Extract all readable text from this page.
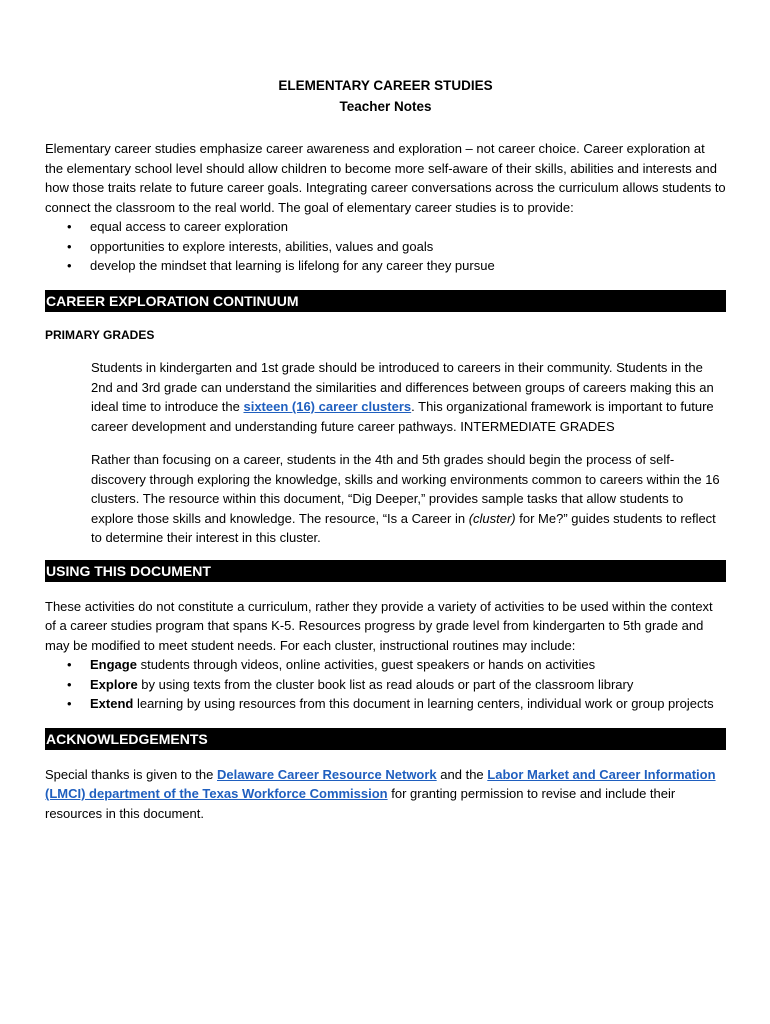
ELEMENTARY CAREER STUDIES
Teacher Notes

Elementary career studies emphasize career awareness and exploration – not career choice. Career exploration at the elementary school level should allow children to become more self-aware of their skills, abilities and interests and how those traits relate to future career goals. Integrating career conversations across the curriculum allows students to connect the classroom to the real world. The goal of elementary career studies is to provide:

• equal access to career exploration
• opportunities to explore interests, abilities, values and goals
• develop the mindset that learning is lifelong for any career they pursue
CAREER EXPLORATION CONTINUUM
PRIMARY GRADES

Students in kindergarten and 1st grade should be introduced to careers in their community. Students in the 2nd and 3rd grade can understand the similarities and differences between groups of careers making this an ideal time to introduce the sixteen (16) career clusters. This organizational framework is important to future career development and understanding future career pathways. INTERMEDIATE GRADES

Rather than focusing on a career, students in the 4th and 5th grades should begin the process of self-discovery through exploring the knowledge, skills and working environments common to careers within the 16 clusters. The resource within this document, “Dig Deeper,” provides sample tasks that allow students to explore those skills and knowledge. The resource, “Is a Career in (cluster) for Me?” guides students to reflect to determine their interest in this cluster.

USING THIS DOCUMENT

These activities do not constitute a curriculum, rather they provide a variety of activities to be used within the context of a career studies program that spans K-5. Resources progress by grade level from kindergarten to 5th grade and may be modified to meet student needs. For each cluster, instructional routines may include:

• Engage students through videos, online activities, guest speakers or hands on activities
• Explore by using texts from the cluster book list as read alouds or part of the classroom library
• Extend learning by using resources from this document in learning centers, individual work or group projects
ACKNOWLEDGEMENTS

Special thanks is given to the Delaware Career Resource Network and the Labor Market and Career Information (LMCI) department of the Texas Workforce Commission for granting permission to revise and include their resources in this document.
